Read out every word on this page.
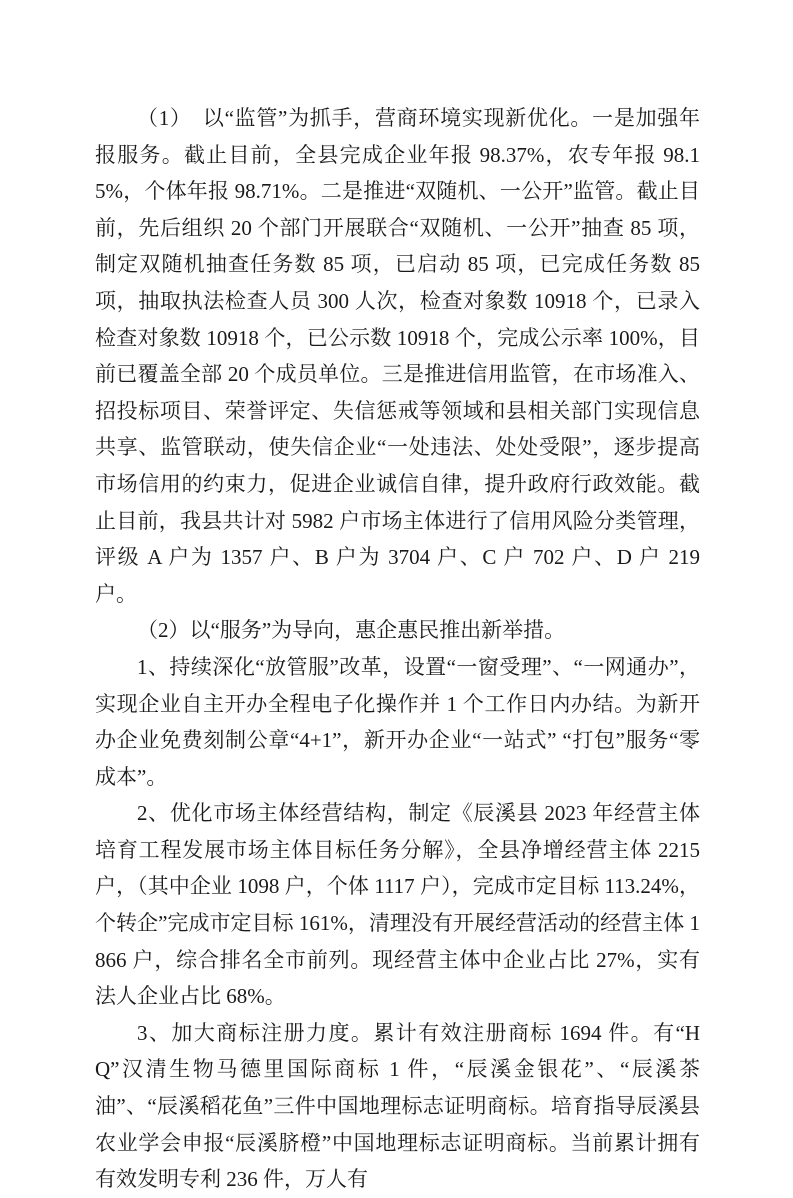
（1）　以“监管”为抓手，营商环境实现新优化。一是加强年报服务。截止目前，全县完成企业年报 98.37%，农专年报 98.15%，个体年报 98.71%。二是推进“双随机、一公开”监管。截止目前，先后组织 20 个部门开展联合“双随机、一公开”抽查 85 项，制定双随机抽查任务数 85 项，已启动 85 项，已完成任务数 85 项，抽取执法检查人员 300 人次，检查对象数 10918 个，已录入检查对象数 10918 个，已公示数 10918 个，完成公示率 100%，目前已覆盖全部 20 个成员单位。三是推进信用监管，在市场准入、招投标项目、荣誉评定、失信惩戒等领域和县相关部门实现信息共享、监管联动，使失信企业“一处违法、处处受限”，逐步提高市场信用的约束力，促进企业诚信自律，提升政府行政效能。截止目前，我县共计对 5982 户市场主体进行了信用风险分类管理，评级 A 户为 1357 户、B 户为 3704 户、C 户 702 户、D 户 219 户。

（2）以“服务”为导向，惠企惠民推出新举措。

1、持续深化“放管服”改革，设置“一窗受理”、“一网通办”，实现企业自主开办全程电子化操作并 1 个工作日内办结。为新开办企业免费刻制公章“4+1”，新开办企业“一站式” “打包”服务“零成本”。

2、优化市场主体经营结构，制定《辰溪县 2023 年经营主体培育工程发展市场主体目标任务分解》，全县净增经营主体 2215 户，（其中企业 1098 户，个体 1117 户），完成市定目标 113.24%，个转企”完成市定目标 161%，清理没有开展经营活动的经营主体 1866 户，综合排名全市前列。现经营主体中企业占比 27%，实有法人企业占比 68%。

3、加大商标注册力度。累计有效注册商标 1694 件。有“HQ”汉清生物马德里国际商标 1 件，“辰溪金银花”、“辰溪茶油”、“辰溪稻花鱼”三件中国地理标志证明商标。培育指导辰溪县农业学会申报“辰溪脐橙”中国地理标志证明商标。当前累计拥有有效发明专利 236 件，万人有
